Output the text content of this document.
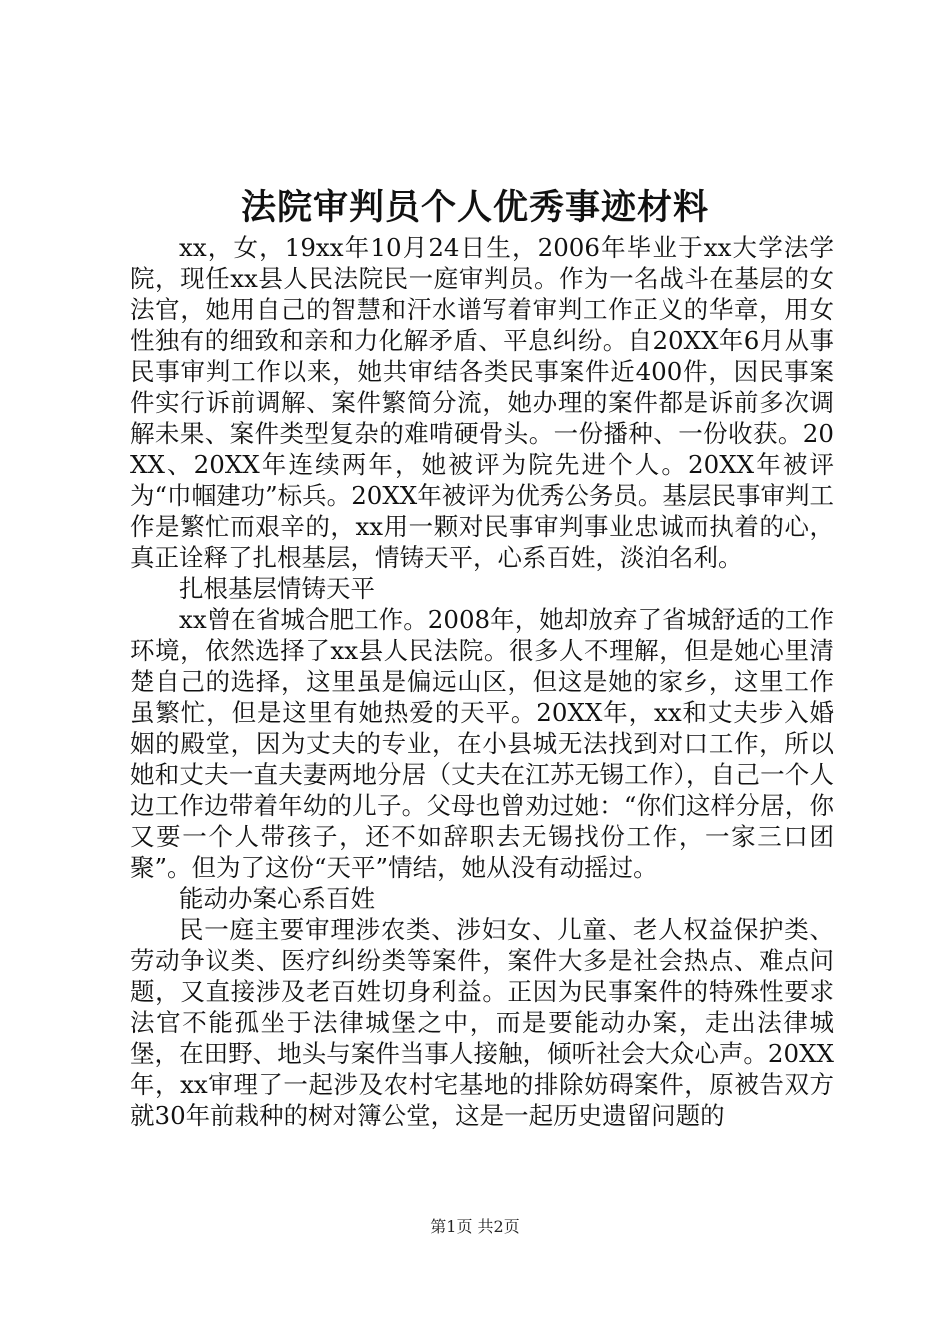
法院审判员个人优秀事迹材料

xx，女，19xx年10月24日生，2006年毕业于xx大学法学院，现任xx县人民法院民一庭审判员。作为一名战斗在基层的女法官，她用自己的智慧和汗水谱写着审判工作正义的华章，用女性独有的细致和亲和力化解矛盾、平息纠纷。自20XX年6月从事民事审判工作以来，她共审结各类民事案件近400件，因民事案件实行诉前调解、案件繁简分流，她办理的案件都是诉前多次调解未果、案件类型复杂的难啃硬骨头。一份播种、一份收获。20XX、20XX年连续两年，她被评为院先进个人。20XX年被评为“巾帼建功”标兵。20XX年被评为优秀公务员。基层民事审判工作是繁忙而艰辛的，xx用一颗对民事审判事业忠诚而执着的心，真正诠释了扎根基层，情铸天平，心系百姓，淡泊名利。

扎根基层情铸天平

xx曾在省城合肥工作。2008年，她却放弃了省城舒适的工作环境，依然选择了xx县人民法院。很多人不理解，但是她心里清楚自己的选择，这里虽是偏远山区，但这是她的家乡，这里工作虽繁忙，但是这里有她热爱的天平。20XX年，xx和丈夫步入婚姻的殿堂，因为丈夫的专业，在小县城无法找到对口工作，所以她和丈夫一直夫妻两地分居（丈夫在江苏无锡工作），自己一个人边工作边带着年幼的儿子。父母也曾劝过她：“你们这样分居，你又要一个人带孩子，还不如辞职去无锡找份工作，一家三口团聚”。但为了这份“天平”情结，她从没有动摇过。

能动办案心系百姓

民一庭主要审理涉农类、涉妇女、儿童、老人权益保护类、劳动争议类、医疗纠纷类等案件，案件大多是社会热点、难点问题，又直接涉及老百姓切身利益。正因为民事案件的特殊性要求法官不能孤坐于法律城堡之中，而是要能动办案，走出法律城堡，在田野、地头与案件当事人接触，倾听社会大众心声。20XX年，xx审理了一起涉及农村宅基地的排除妨碍案件，原被告双方就30年前栽种的树对簿公堂，这是一起历史遗留问题的

第1页 共2页
